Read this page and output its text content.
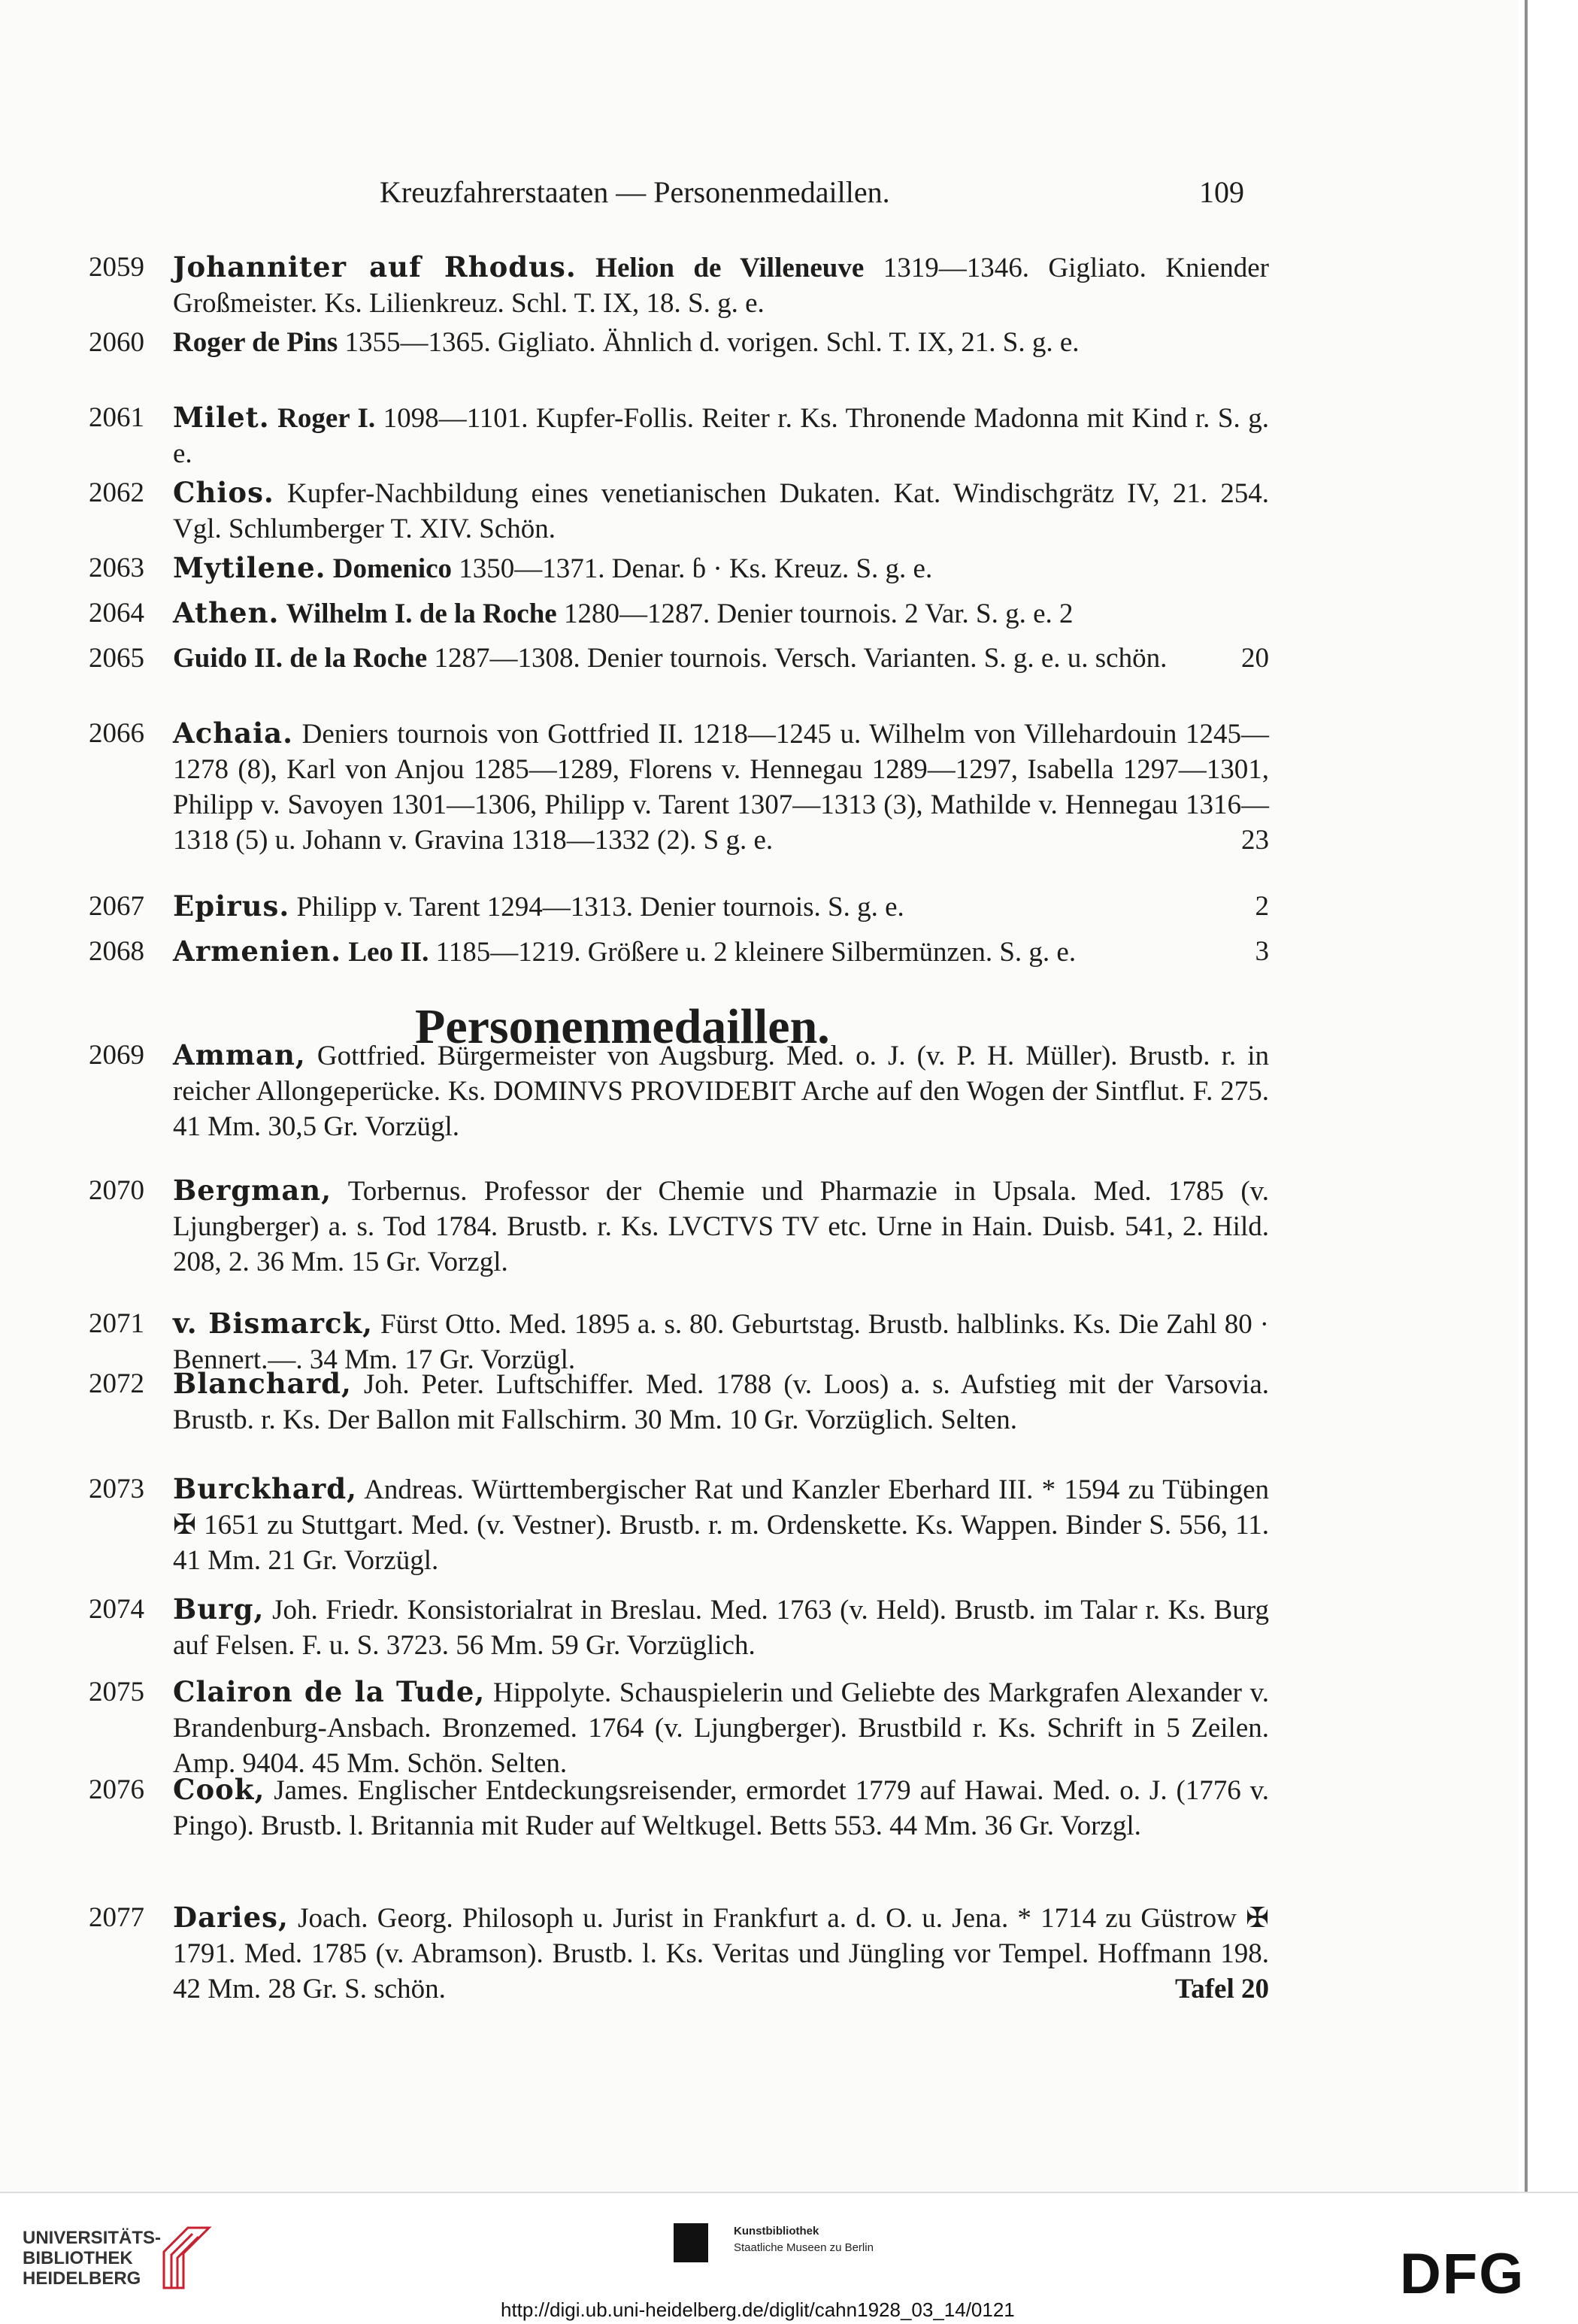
Kreuzfahrerstaaten — Personenmedaillen.	109
2059 Johanniter auf Rhodus. Helion de Villeneuve 1319—1346. Gigliato. Kniender Großmeister. Ks. Lilienkreuz. Schl. T. IX, 18. S. g. e.
2060 Roger de Pins 1355—1365. Gigliato. Ähnlich d. vorigen. Schl. T. IX, 21. S. g. e.
2061 Milet. Roger I. 1098—1101. Kupfer-Follis. Reiter r. Ks. Thronende Madonna mit Kind r. S. g. e.
2062 Chios. Kupfer-Nachbildung eines venetianischen Dukaten. Kat. Windischgrätz IV, 21. 254. Vgl. Schlumberger T. XIV. Schön.
2063 Mytilene. Domenico 1350—1371. Denar. ɓ · Ks. Kreuz. S. g. e.
2064 Athen. Wilhelm I. de la Roche 1280—1287. Denier tournois. 2 Var. S. g. e. 2
2065 Guido II. de la Roche 1287—1308. Denier tournois. Versch. Varianten. S. g. e. u. schön.	20
2066 Achaia. Deniers tournois von Gottfried II. 1218—1245 u. Wilhelm von Villehardouin 1245—1278 (8), Karl von Anjou 1285—1289, Florens v. Hennegau 1289—1297, Isabella 1297—1301, Philipp v. Savoyen 1301—1306, Philipp v. Tarent 1307—1313 (3), Mathilde v. Hennegau 1316—1318 (5) u. Johann v. Gravina 1318—1332 (2). S g. e.	23
2067 Epirus. Philipp v. Tarent 1294—1313. Denier tournois. S. g. e.	2
2068 Armenien. Leo II. 1185—1219. Größere u. 2 kleinere Silbermünzen. S. g. e.	3
2069 Amman, Gottfried. Bürgermeister von Augsburg. Med. o. J. (v. P. H. Müller). Brustb. r. in reicher Allongeperücke. Ks. DOMINVS PROVIDEBIT Arche auf den Wogen der Sintflut. F. 275. 41 Mm. 30,5 Gr. Vorzügl.
2070 Bergman, Torbernus. Professor der Chemie und Pharmazie in Upsala. Med. 1785 (v. Ljungberger) a. s. Tod 1784. Brustb. r. Ks. LVCTVS TV etc. Urne in Hain. Duisb. 541, 2. Hild. 208, 2. 36 Mm. 15 Gr. Vorzgl.
2071 v. Bismarck, Fürst Otto. Med. 1895 a. s. 80. Geburtstag. Brustb. halblinks. Ks. Die Zahl 80 · Bennert.—. 34 Mm. 17 Gr. Vorzügl.
2072 Blanchard, Joh. Peter. Luftschiffer. Med. 1788 (v. Loos) a. s. Aufstieg mit der Varsovia. Brustb. r. Ks. Der Ballon mit Fallschirm. 30 Mm. 10 Gr. Vorzüglich. Selten.
2073 Burckhard, Andreas. Württembergischer Rat und Kanzler Eberhard III. * 1594 zu Tübingen ✠ 1651 zu Stuttgart. Med. (v. Vestner). Brustb. r. m. Ordenskette. Ks. Wappen. Binder S. 556, 11. 41 Mm. 21 Gr. Vorzügl.
2074 Burg, Joh. Friedr. Konsistorialrat in Breslau. Med. 1763 (v. Held). Brustb. im Talar r. Ks. Burg auf Felsen. F. u. S. 3723. 56 Mm. 59 Gr. Vorzüglich.
2075 Clairon de la Tude, Hippolyte. Schauspielerin und Geliebte des Markgrafen Alexander v. Brandenburg-Ansbach. Bronzemed. 1764 (v. Ljungberger). Brustbild r. Ks. Schrift in 5 Zeilen. Amp. 9404. 45 Mm. Schön. Selten.
2076 Cook, James. Englischer Entdeckungsreisender, ermordet 1779 auf Hawai. Med. o. J. (1776 v. Pingo). Brustb. l. Britannia mit Ruder auf Weltkugel. Betts 553. 44 Mm. 36 Gr. Vorzgl.
2077 Daries, Joach. Georg. Philosoph u. Jurist in Frankfurt a. d. O. u. Jena. * 1714 zu Güstrow ✠ 1791. Med. 1785 (v. Abramson). Brustb. l. Ks. Veritas und Jüngling vor Tempel. Hoffmann 198. 42 Mm. 28 Gr. S. schön.	Tafel 20
Personenmedaillen.
UNIVERSITÄTS-
BIBLIOTHEK
HEIDELBERG
Kunstbibliothek
Staatliche Museen zu Berlin	DFG
http://digi.ub.uni-heidelberg.de/diglit/cahn1928_03_14/0121
